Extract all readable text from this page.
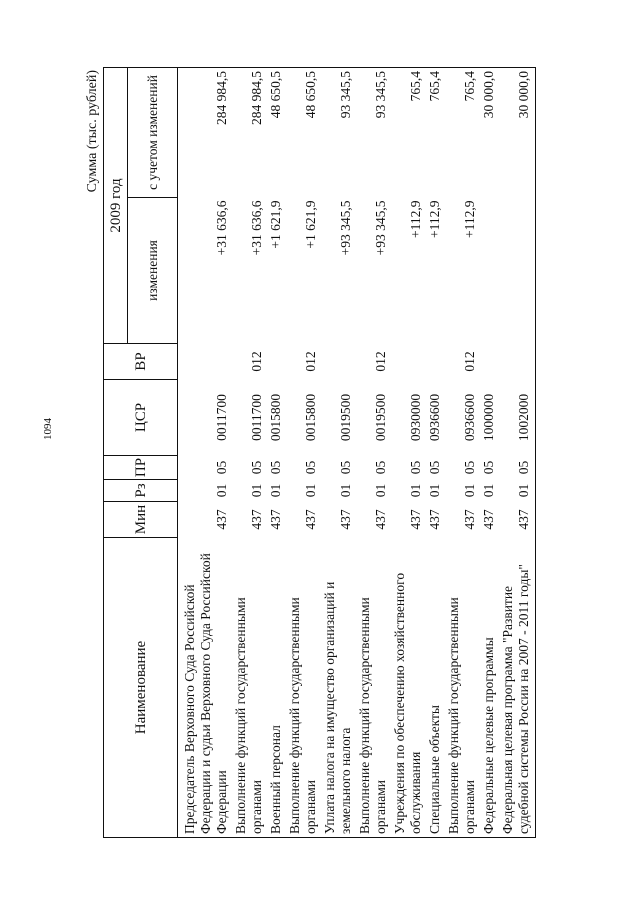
1094
Сумма (тыс. рублей)
Наименование	Мин	Рз	ПР	ЦСР	ВР	2009 год	
						изменения	с учетом изменений
Председатель Верховного Суда Российской Федерации и судьи Верховного Суда Российской Федерации	437	01	05	0011700		+31 636,6	284 984,5
Выполнение функций государственными органами	437	01	05	0011700	012	+31 636,6	284 984,5
Военный персонал	437	01	05	0015800		+1 621,9	48 650,5
Выполнение функций государственными органами	437	01	05	0015800	012	+1 621,9	48 650,5
Уплата налога на имущество организаций и земельного налога	437	01	05	0019500		+93 345,5	93 345,5
Выполнение функций государственными органами	437	01	05	0019500	012	+93 345,5	93 345,5
Учреждения по обеспечению хозяйственного обслуживания	437	01	05	0930000		+112,9	765,4
Специальные объекты	437	01	05	0936600		+112,9	765,4
Выполнение функций государственными органами	437	01	05	0936600	012	+112,9	765,4
Федеральные целевые программы	437	01	05	1000000			30 000,0
Федеральная целевая программа "Развитие судебной системы России на 2007 - 2011 годы"	437	01	05	1002000			30 000,0
